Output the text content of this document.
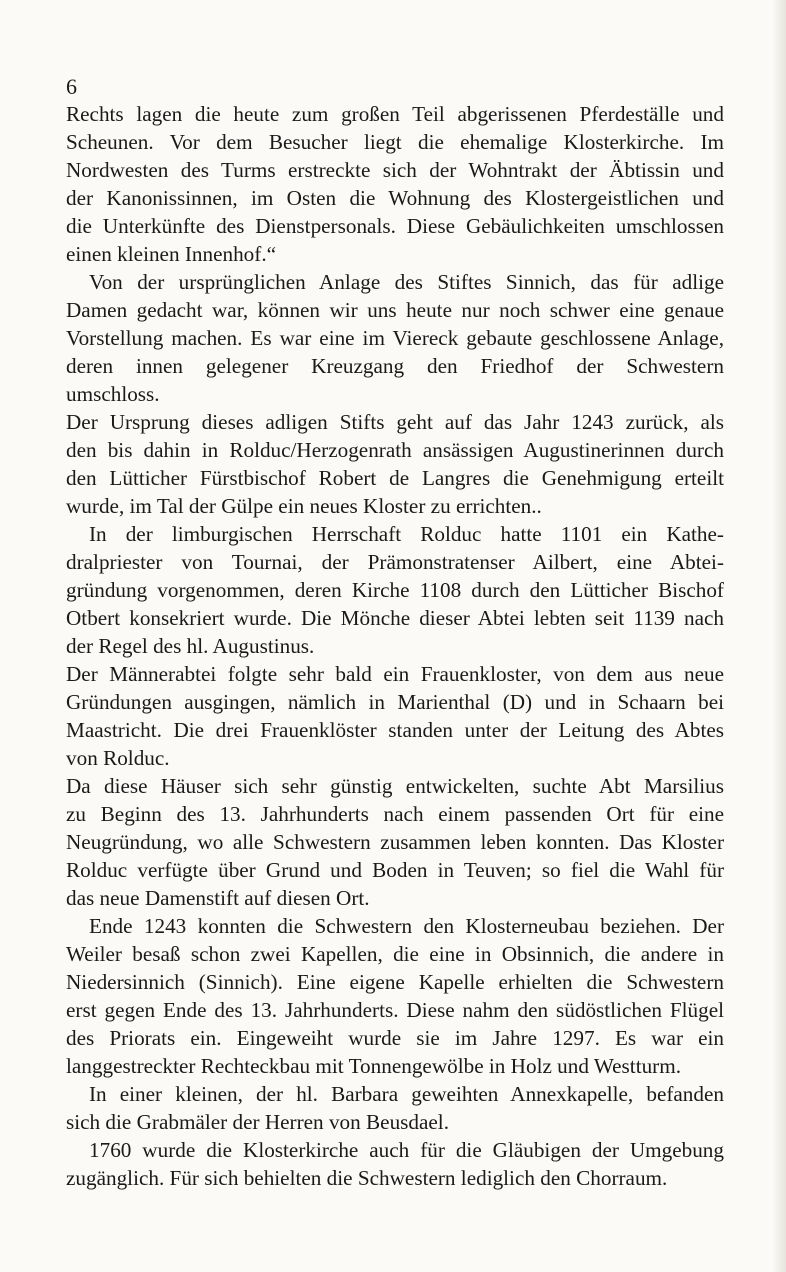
6
Rechts lagen die heute zum großen Teil abgerissenen Pferdeställe und
Scheunen. Vor dem Besucher liegt die ehemalige Klosterkirche. Im
Nordwesten des Turms erstreckte sich der Wohntrakt der Äbtissin und
der Kanonissinnen, im Osten die Wohnung des Klostergeistlichen und
die Unterkünfte des Dienstpersonals. Diese Gebäulichkeiten umschlossen
einen kleinen Innenhof.“
Von der ursprünglichen Anlage des Stiftes Sinnich, das für adlige
Damen gedacht war, können wir uns heute nur noch schwer eine genaue
Vorstellung machen. Es war eine im Viereck gebaute geschlossene Anlage,
deren innen gelegener Kreuzgang den Friedhof der Schwestern
umschloss.
Der Ursprung dieses adligen Stifts geht auf das Jahr 1243 zurück, als
den bis dahin in Rolduc/Herzogenrath ansässigen Augustinerinnen durch
den Lütticher Fürstbischof Robert de Langres die Genehmigung erteilt
wurde, im Tal der Gülpe ein neues Kloster zu errichten..
In der limburgischen Herrschaft Rolduc hatte 1101 ein Kathe-
dralpriester von Tournai, der Prämonstratenser Ailbert, eine Abtei-
gründung vorgenommen, deren Kirche 1108 durch den Lütticher Bischof
Otbert konsekriert wurde. Die Mönche dieser Abtei lebten seit 1139 nach
der Regel des hl. Augustinus.
Der Männerabtei folgte sehr bald ein Frauenkloster, von dem aus neue
Gründungen ausgingen, nämlich in Marienthal (D) und in Schaarn bei
Maastricht. Die drei Frauenklöster standen unter der Leitung des Abtes
von Rolduc.
Da diese Häuser sich sehr günstig entwickelten, suchte Abt Marsilius
zu Beginn des 13. Jahrhunderts nach einem passenden Ort für eine
Neugründung, wo alle Schwestern zusammen leben konnten. Das Kloster
Rolduc verfügte über Grund und Boden in Teuven; so fiel die Wahl für
das neue Damenstift auf diesen Ort.
Ende 1243 konnten die Schwestern den Klosterneubau beziehen. Der
Weiler besaß schon zwei Kapellen, die eine in Obsinnich, die andere in
Niedersinnich (Sinnich). Eine eigene Kapelle erhielten die Schwestern
erst gegen Ende des 13. Jahrhunderts. Diese nahm den südöstlichen Flügel
des Priorats ein. Eingeweiht wurde sie im Jahre 1297. Es war ein
langgestreckter Rechteckbau mit Tonnengewölbe in Holz und Westturm.
In einer kleinen, der hl. Barbara geweihten Annexkapelle, befanden
sich die Grabmäler der Herren von Beusdael.
1760 wurde die Klosterkirche auch für die Gläubigen der Umgebung
zugänglich. Für sich behielten die Schwestern lediglich den Chorraum.
